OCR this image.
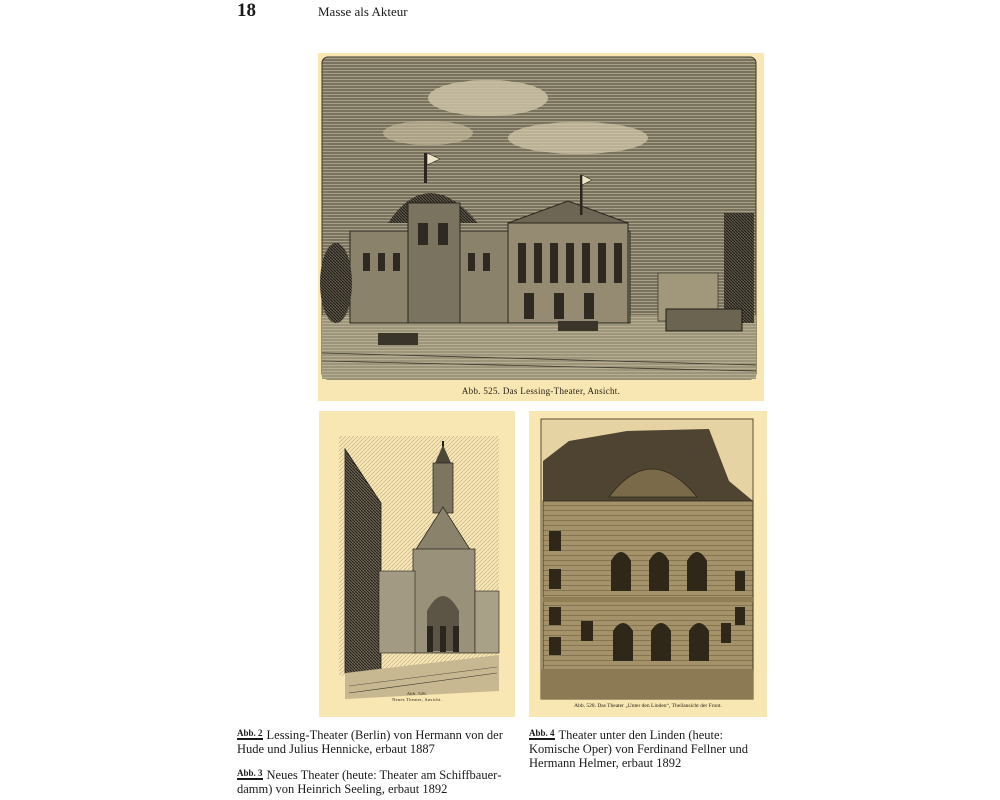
18	Masse als Akteur
Abb. 525. Das Lessing-Theater, Ansicht.
Abb. 526.
Neues Theater, Ansicht.
Abb. 528. Das Theater „Unter den Linden“, Theilansicht der Front.
$^{Abb. 2}$ Lessing-Theater (Berlin) von Hermann von der Hude und Julius Hennicke, erbaut 1887
$^{Abb. 3}$ Neues Theater (heute: Theater am Schiffbauerdamm) von Heinrich Seeling, erbaut 1892
$^{Abb. 4}$ Theater unter den Linden (heute: Komische Oper) von Ferdinand Fellner und Hermann Helmer, erbaut 1892
